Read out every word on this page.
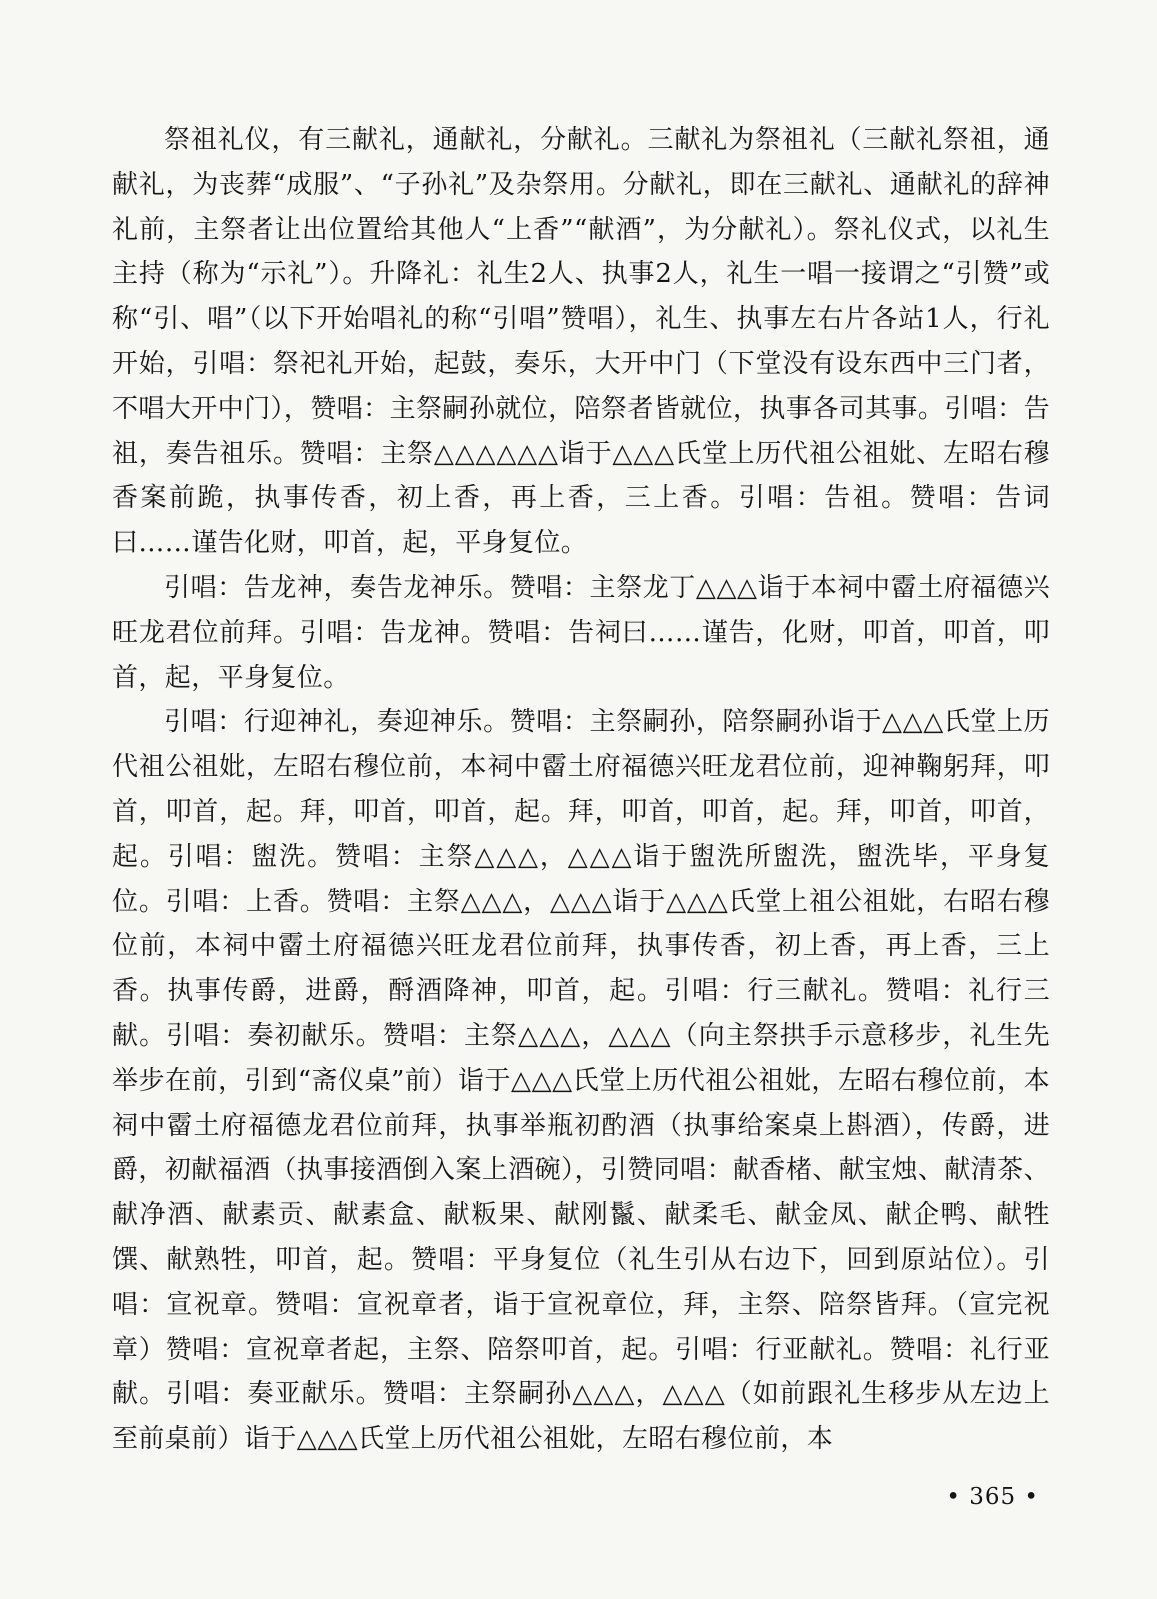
祭祖礼仪，有三献礼，通献礼，分献礼。三献礼为祭祖礼（三献礼祭祖，通献礼，为丧葬“成服”、“子孙礼”及杂祭用。分献礼，即在三献礼、通献礼的辞神礼前，主祭者让出位置给其他人“上香”“献酒”，为分献礼）。祭礼仪式，以礼生主持（称为“示礼”）。升降礼：礼生2人、执事2人，礼生一唱一接谓之“引赞”或称“引、唱”（以下开始唱礼的称“引唱”赞唱），礼生、执事左右片各站1人，行礼开始，引唱：祭祀礼开始，起鼓，奏乐，大开中门（下堂没有设东西中三门者，不唱大开中门），赞唱：主祭嗣孙就位，陪祭者皆就位，执事各司其事。引唱：告祖，奏告祖乐。赞唱：主祭△△△△△△诣于△△△氏堂上历代祖公祖妣、左昭右穆香案前跪，执事传香，初上香，再上香，三上香。引唱：告祖。赞唱：告词曰……谨告化财，叩首，起，平身复位。

引唱：告龙神，奏告龙神乐。赞唱：主祭龙丁△△△诣于本祠中霤土府福德兴旺龙君位前拜。引唱：告龙神。赞唱：告祠曰……谨告，化财，叩首，叩首，叩首，起，平身复位。

引唱：行迎神礼，奏迎神乐。赞唱：主祭嗣孙，陪祭嗣孙诣于△△△氏堂上历代祖公祖妣，左昭右穆位前，本祠中霤土府福德兴旺龙君位前，迎神鞠躬拜，叩首，叩首，起。拜，叩首，叩首，起。拜，叩首，叩首，起。拜，叩首，叩首，起。引唱：盥洗。赞唱：主祭△△△，△△△诣于盥洗所盥洗，盥洗毕，平身复位。引唱：上香。赞唱：主祭△△△，△△△诣于△△△氏堂上祖公祖妣，右昭右穆位前，本祠中霤土府福德兴旺龙君位前拜，执事传香，初上香，再上香，三上香。执事传爵，进爵，酹酒降神，叩首，起。引唱：行三献礼。赞唱：礼行三献。引唱：奏初献乐。赞唱：主祭△△△，△△△（向主祭拱手示意移步，礼生先举步在前，引到“斋仪桌”前）诣于△△△氏堂上历代祖公祖妣，左昭右穆位前，本祠中霤土府福德龙君位前拜，执事举瓶初酌酒（执事给案桌上斟酒），传爵，进爵，初献福酒（执事接酒倒入案上酒碗），引赞同唱：献香楮、献宝烛、献清茶、献净酒、献素贡、献素盒、献粄果、献刚鬣、献柔毛、献金凤、献企鸭、献牲馔、献熟牲，叩首，起。赞唱：平身复位（礼生引从右边下，回到原站位）。引唱：宣祝章。赞唱：宣祝章者，诣于宣祝章位，拜，主祭、陪祭皆拜。（宣完祝章）赞唱：宣祝章者起，主祭、陪祭叩首，起。引唱：行亚献礼。赞唱：礼行亚献。引唱：奏亚献乐。赞唱：主祭嗣孙△△△，△△△（如前跟礼生移步从左边上至前桌前）诣于△△△氏堂上历代祖公祖妣，左昭右穆位前，本

• 365 •
